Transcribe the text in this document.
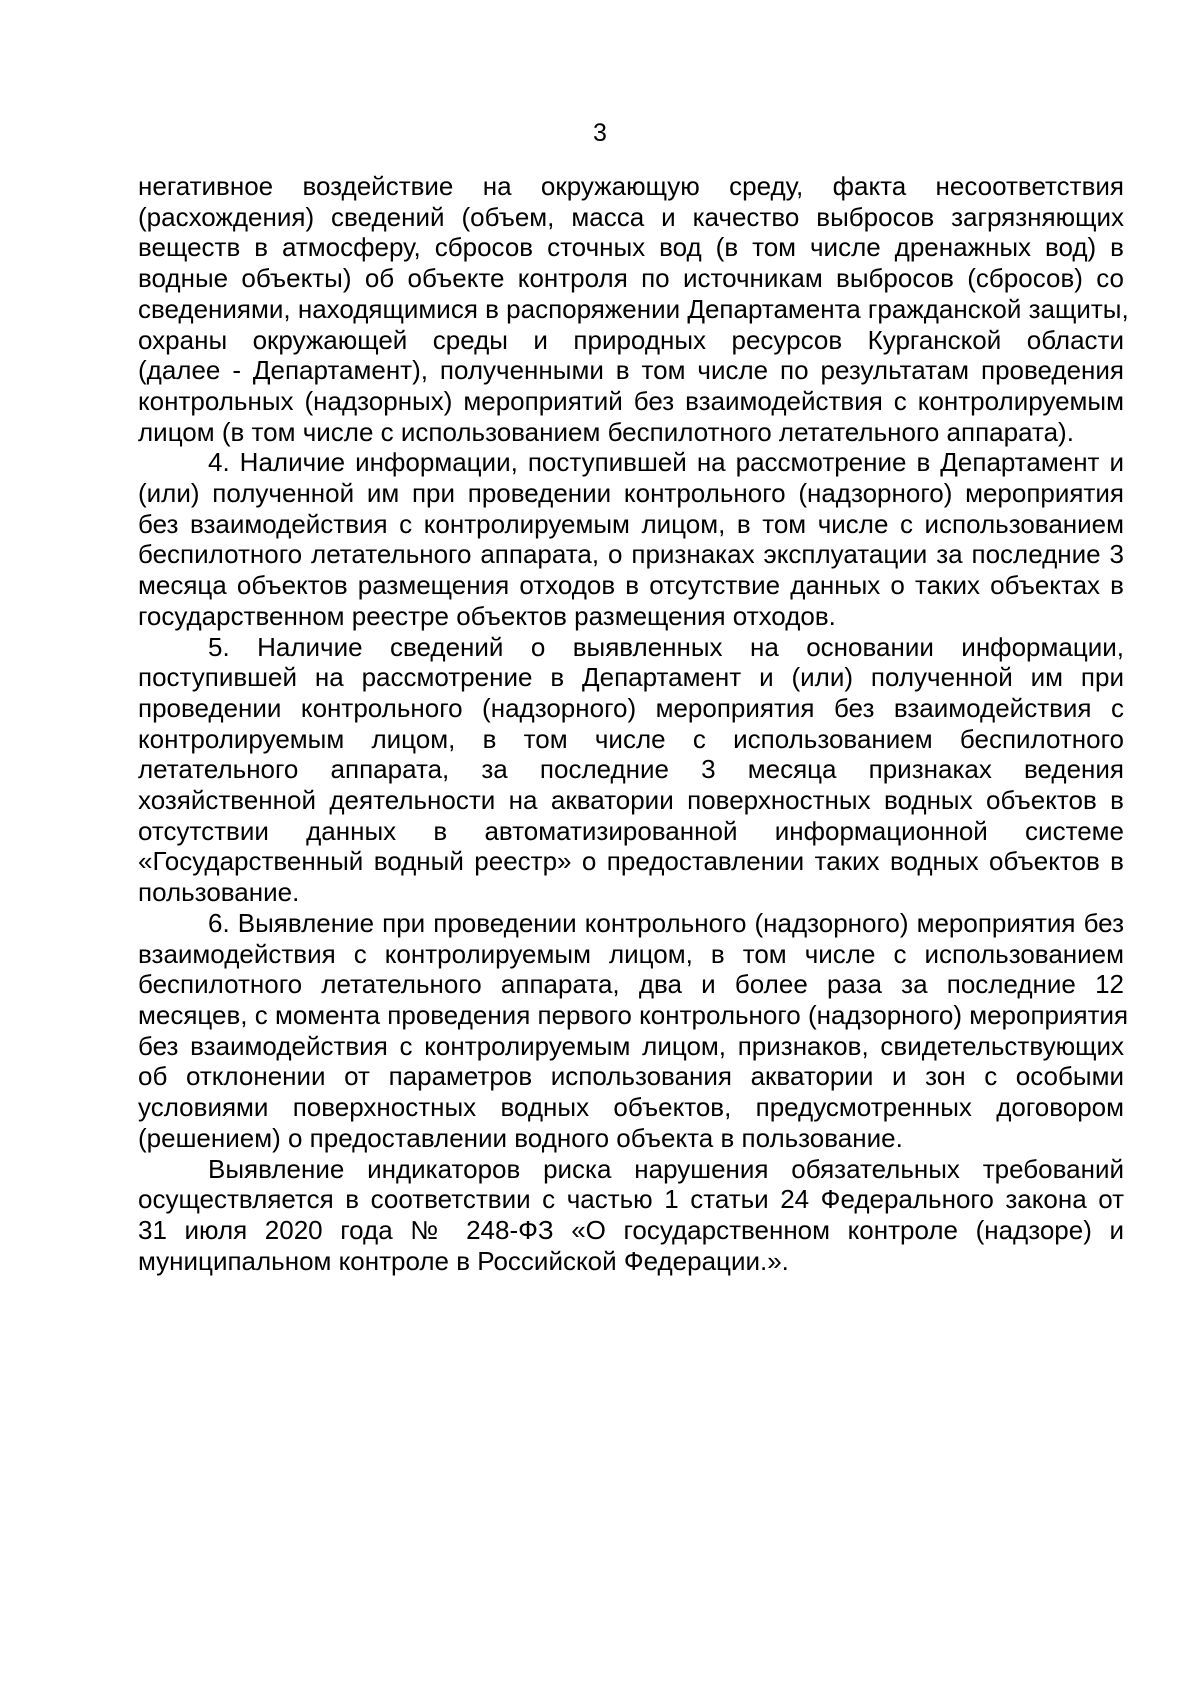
3
негативное воздействие на окружающую среду, факта несоответствия
(расхождения) сведений (объем, масса и качество выбросов загрязняющих
веществ в атмосферу, сбросов сточных вод (в том числе дренажных вод) в
водные объекты) об объекте контроля по источникам выбросов (сбросов) со
сведениями, находящимися в распоряжении Департамента гражданской защиты,
охраны окружающей среды и природных ресурсов Курганской области
(далее - Департамент), полученными в том числе по результатам проведения
контрольных (надзорных) мероприятий без взаимодействия с контролируемым
лицом (в том числе с использованием беспилотного летательного аппарата).
4. Наличие информации, поступившей на рассмотрение в Департамент и
(или) полученной им при проведении контрольного (надзорного) мероприятия
без взаимодействия с контролируемым лицом, в том числе с использованием
беспилотного летательного аппарата, о признаках эксплуатации за последние 3
месяца объектов размещения отходов в отсутствие данных о таких объектах в
государственном реестре объектов размещения отходов.
5. Наличие сведений о выявленных на основании информации,
поступившей на рассмотрение в Департамент и (или) полученной им при
проведении контрольного (надзорного) мероприятия без взаимодействия с
контролируемым лицом, в том числе с использованием беспилотного
летательного аппарата, за последние 3 месяца признаках ведения
хозяйственной деятельности на акватории поверхностных водных объектов в
отсутствии данных в автоматизированной информационной системе
«Государственный водный реестр» о предоставлении таких водных объектов в
пользование.
6. Выявление при проведении контрольного (надзорного) мероприятия без
взаимодействия с контролируемым лицом, в том числе с использованием
беспилотного летательного аппарата, два и более раза за последние 12
месяцев, с момента проведения первого контрольного (надзорного) мероприятия
без взаимодействия с контролируемым лицом, признаков, свидетельствующих
об отклонении от параметров использования акватории и зон с особыми
условиями поверхностных водных объектов, предусмотренных договором
(решением) о предоставлении водного объекта в пользование.
Выявление индикаторов риска нарушения обязательных требований
осуществляется в соответствии с частью 1 статьи 24 Федерального закона от
31 июля 2020 года № 248-ФЗ «О государственном контроле (надзоре) и
муниципальном контроле в Российской Федерации.».
